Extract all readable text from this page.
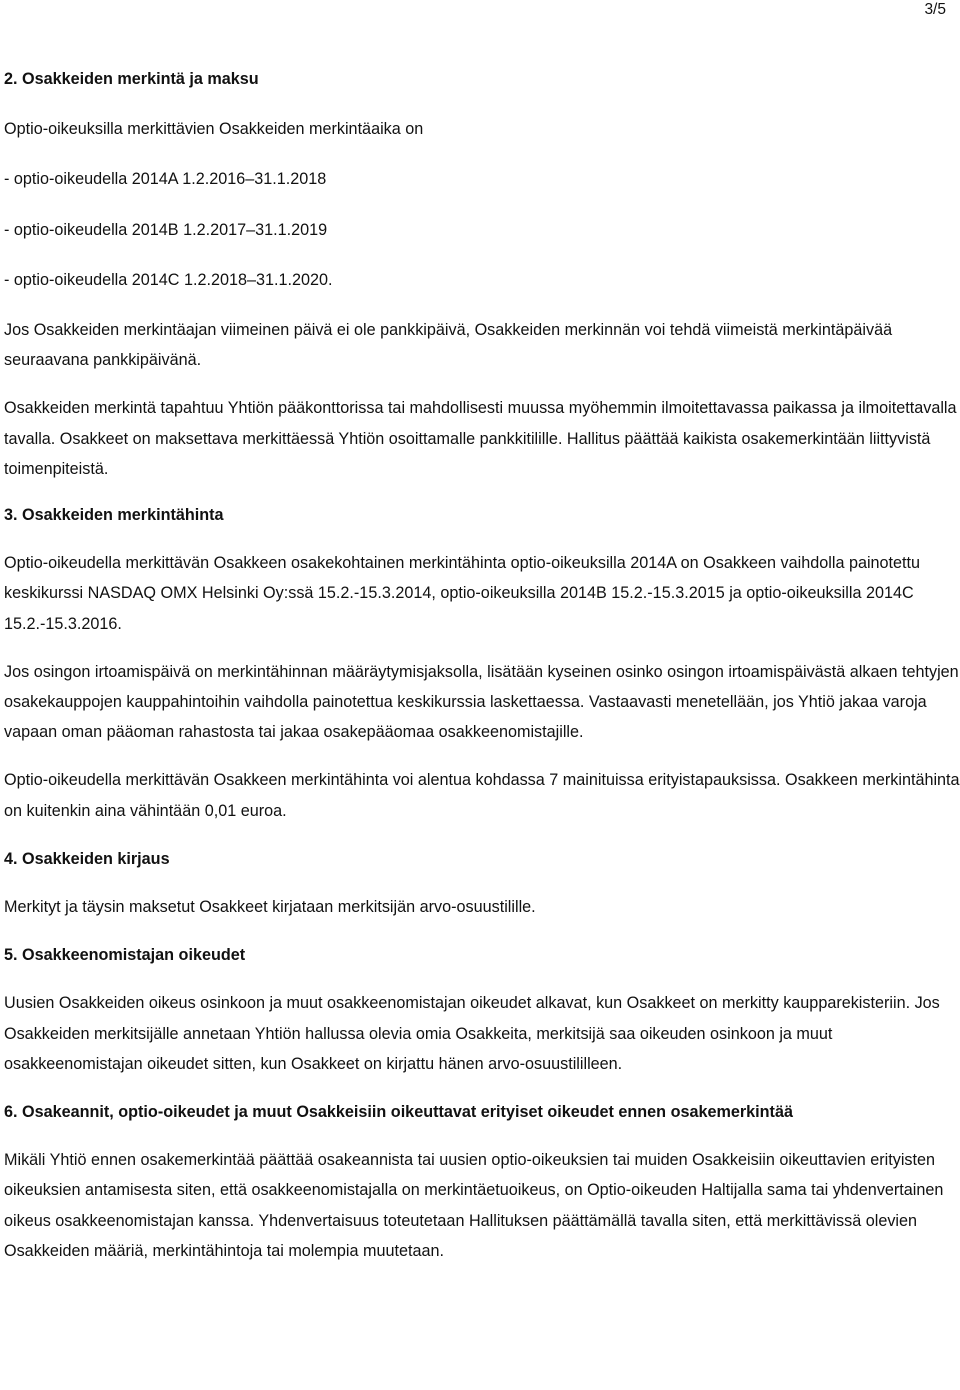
3/5

2. Osakkeiden merkintä ja maksu

Optio-oikeuksilla merkittävien Osakkeiden merkintäaika on

- optio-oikeudella 2014A 1.2.2016–31.1.2018

- optio-oikeudella 2014B 1.2.2017–31.1.2019

- optio-oikeudella 2014C 1.2.2018–31.1.2020.

Jos Osakkeiden merkintäajan viimeinen päivä ei ole pankkipäivä, Osakkeiden merkinnän voi tehdä viimeistä merkintäpäivää seuraavana pankkipäivänä.

Osakkeiden merkintä tapahtuu Yhtiön pääkonttorissa tai mahdollisesti muussa myöhemmin ilmoitettavassa paikassa ja ilmoitettavalla tavalla. Osakkeet on maksettava merkittäessä Yhtiön osoittamalle pankkitilille. Hallitus päättää kaikista osakemerkintään liittyvistä toimenpiteistä.

3. Osakkeiden merkintähinta

Optio-oikeudella merkittävän Osakkeen osakekohtainen merkintähinta optio-oikeuksilla 2014A on Osakkeen vaihdolla painotettu keskikurssi NASDAQ OMX Helsinki Oy:ssä 15.2.-15.3.2014, optio-oikeuksilla 2014B 15.2.-15.3.2015 ja optio-oikeuksilla 2014C 15.2.-15.3.2016.

Jos osingon irtoamispäivä on merkintähinnan määräytymisjaksolla, lisätään kyseinen osinko osingon irtoamispäivästä alkaen tehtyjen osakekauppojen kauppahintoihin vaihdolla painotettua keskikurssia laskettaessa. Vastaavasti menetellään, jos Yhtiö jakaa varoja vapaan oman pääoman rahastosta tai jakaa osakepääomaa osakkeenomistajille.

Optio-oikeudella merkittävän Osakkeen merkintähinta voi alentua kohdassa 7 mainituissa erityistapauksissa. Osakkeen merkintähinta on kuitenkin aina vähintään 0,01 euroa.

4. Osakkeiden kirjaus

Merkityt ja täysin maksetut Osakkeet kirjataan merkitsijän arvo-osuustilille.

5. Osakkeenomistajan oikeudet

Uusien Osakkeiden oikeus osinkoon ja muut osakkeenomistajan oikeudet alkavat, kun Osakkeet on merkitty kaupparekisteriin. Jos Osakkeiden merkitsijälle annetaan Yhtiön hallussa olevia omia Osakkeita, merkitsijä saa oikeuden osinkoon ja muut osakkeenomistajan oikeudet sitten, kun Osakkeet on kirjattu hänen arvo-osuustililleen.

6. Osakeannit, optio-oikeudet ja muut Osakkeisiin oikeuttavat erityiset oikeudet ennen osakemerkintää

Mikäli Yhtiö ennen osakemerkintää päättää osakeannista tai uusien optio-oikeuksien tai muiden Osakkeisiin oikeuttavien erityisten oikeuksien antamisesta siten, että osakkeenomistajalla on merkintäetuoikeus, on Optio-oikeuden Haltijalla sama tai yhdenvertainen oikeus osakkeenomistajan kanssa. Yhdenvertaisuus toteutetaan Hallituksen päättämällä tavalla siten, että merkittävissä olevien Osakkeiden määriä, merkintähintoja tai molempia muutetaan.
